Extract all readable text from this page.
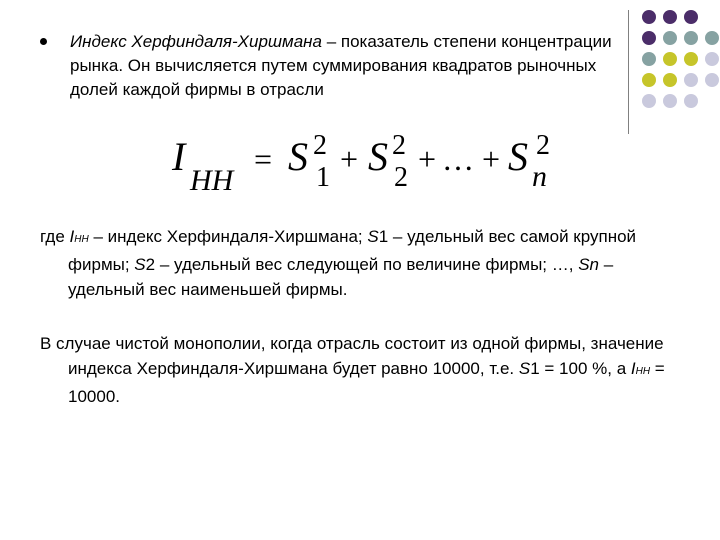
Индекс Херфиндаля-Хиршмана – показатель степени концентрации рынка. Он вычисляется путем суммирования квадратов рыночных долей каждой фирмы в отрасли
I
HH
= S 2
1
+ S 2
2
+ … + S 2
n
где IHH – индекс Херфиндаля-Хиршмана; S1 – удельный вес самой крупной фирмы; S2 – удельный вес следующей по величине фирмы; …, Sn – удельный вес наименьшей фирмы.
В случае чистой монополии, когда отрасль состоит из одной фирмы, значение индекса Херфиндаля-Хиршмана будет равно 10000, т.е. S1 = 100 %, а IHH = 10000.
